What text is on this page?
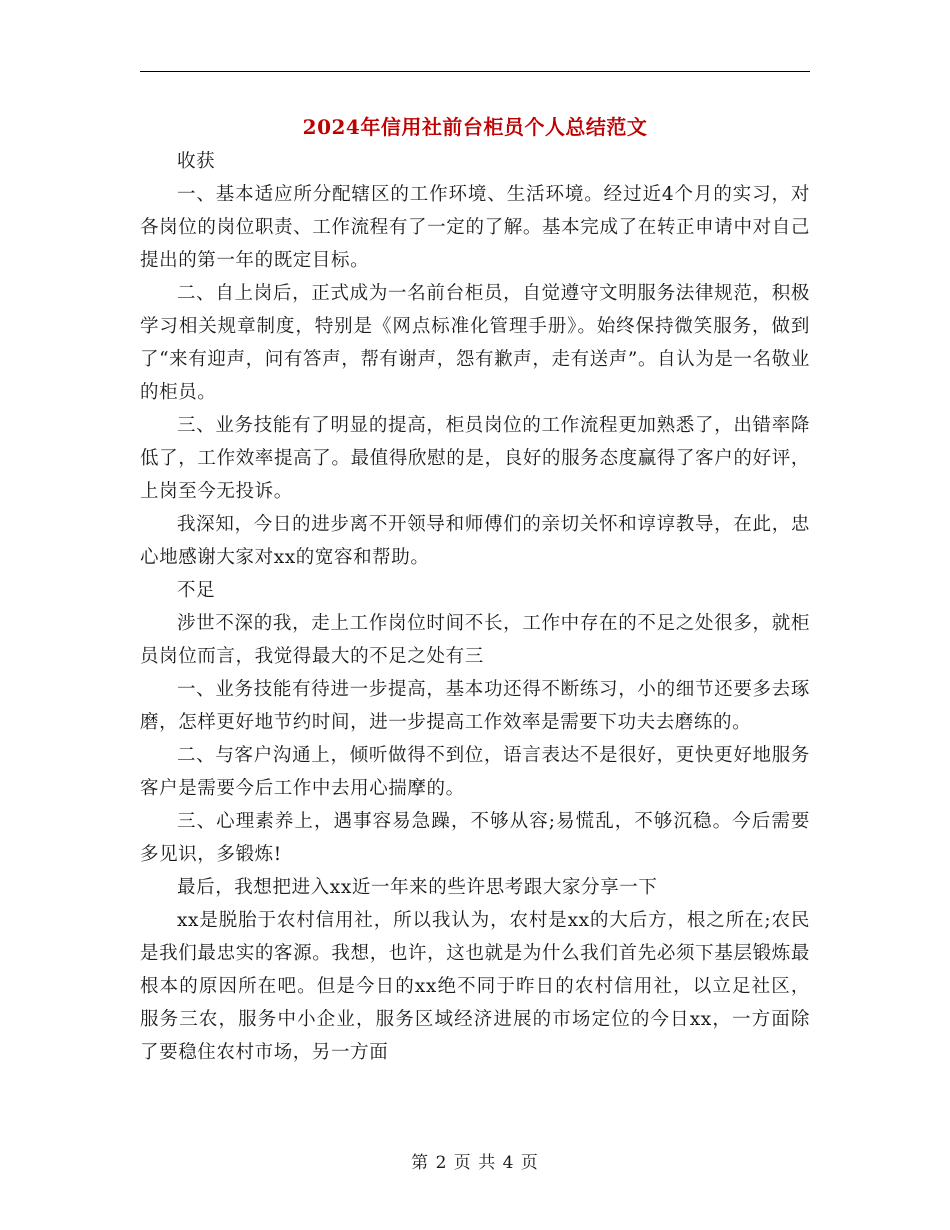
2024年信用社前台柜员个人总结范文

收获

一、基本适应所分配辖区的工作环境、生活环境。经过近4个月的实习，对各岗位的岗位职责、工作流程有了一定的了解。基本完成了在转正申请中对自己提出的第一年的既定目标。

二、自上岗后，正式成为一名前台柜员，自觉遵守文明服务法律规范，积极学习相关规章制度，特别是《网点标准化管理手册》。始终保持微笑服务，做到了“来有迎声，问有答声，帮有谢声，怨有歉声，走有送声”。自认为是一名敬业的柜员。

三、业务技能有了明显的提高，柜员岗位的工作流程更加熟悉了，出错率降低了，工作效率提高了。最值得欣慰的是，良好的服务态度赢得了客户的好评，上岗至今无投诉。

我深知，今日的进步离不开领导和师傅们的亲切关怀和谆谆教导，在此，忠心地感谢大家对xx的宽容和帮助。

不足

涉世不深的我，走上工作岗位时间不长，工作中存在的不足之处很多，就柜员岗位而言，我觉得最大的不足之处有三

一、业务技能有待进一步提高，基本功还得不断练习，小的细节还要多去琢磨，怎样更好地节约时间，进一步提高工作效率是需要下功夫去磨练的。

二、与客户沟通上，倾听做得不到位，语言表达不是很好，更快更好地服务客户是需要今后工作中去用心揣摩的。

三、心理素养上，遇事容易急躁，不够从容;易慌乱，不够沉稳。今后需要多见识，多锻炼!

最后，我想把进入xx近一年来的些许思考跟大家分享一下

xx是脱胎于农村信用社，所以我认为，农村是xx的大后方，根之所在;农民是我们最忠实的客源。我想，也许，这也就是为什么我们首先必须下基层锻炼最根本的原因所在吧。但是今日的xx绝不同于昨日的农村信用社，以立足社区，服务三农，服务中小企业，服务区域经济进展的市场定位的今日xx，一方面除了要稳住农村市场，另一方面

第 2 页 共 4 页
